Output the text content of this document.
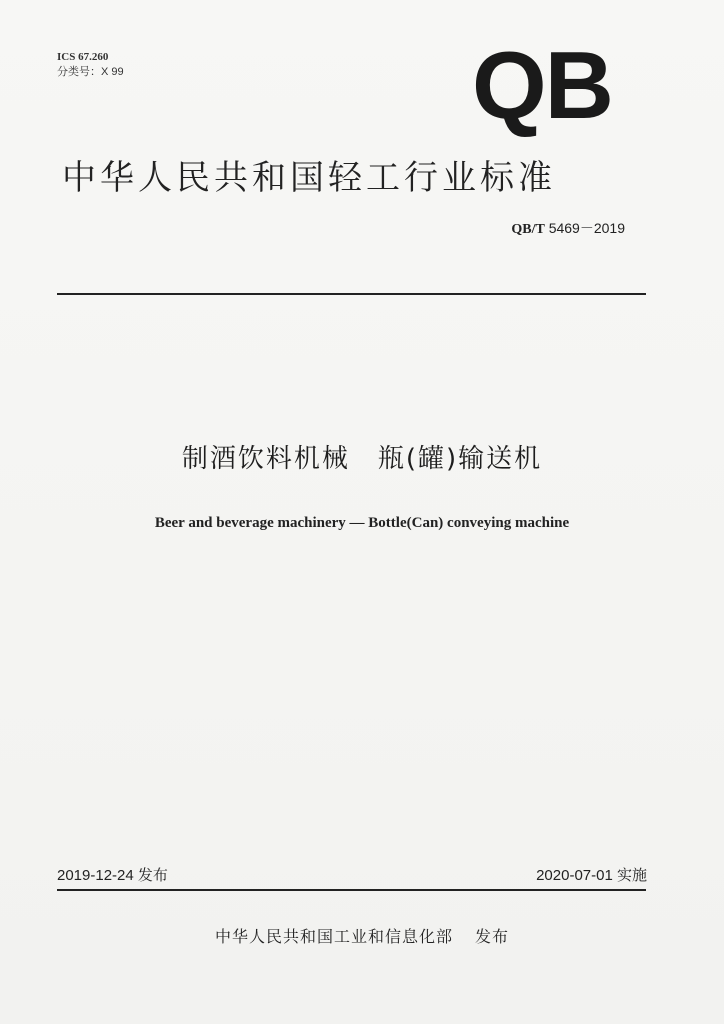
ICS 67.260
分类号：X 99	QB
中华人民共和国轻工行业标准
QB/T 5469－2019
制酒饮料机械　瓶(罐)输送机
Beer and beverage machinery — Bottle(Can) conveying machine
2019-12-24 发布	2020-07-01 实施
中华人民共和国工业和信息化部 发布
